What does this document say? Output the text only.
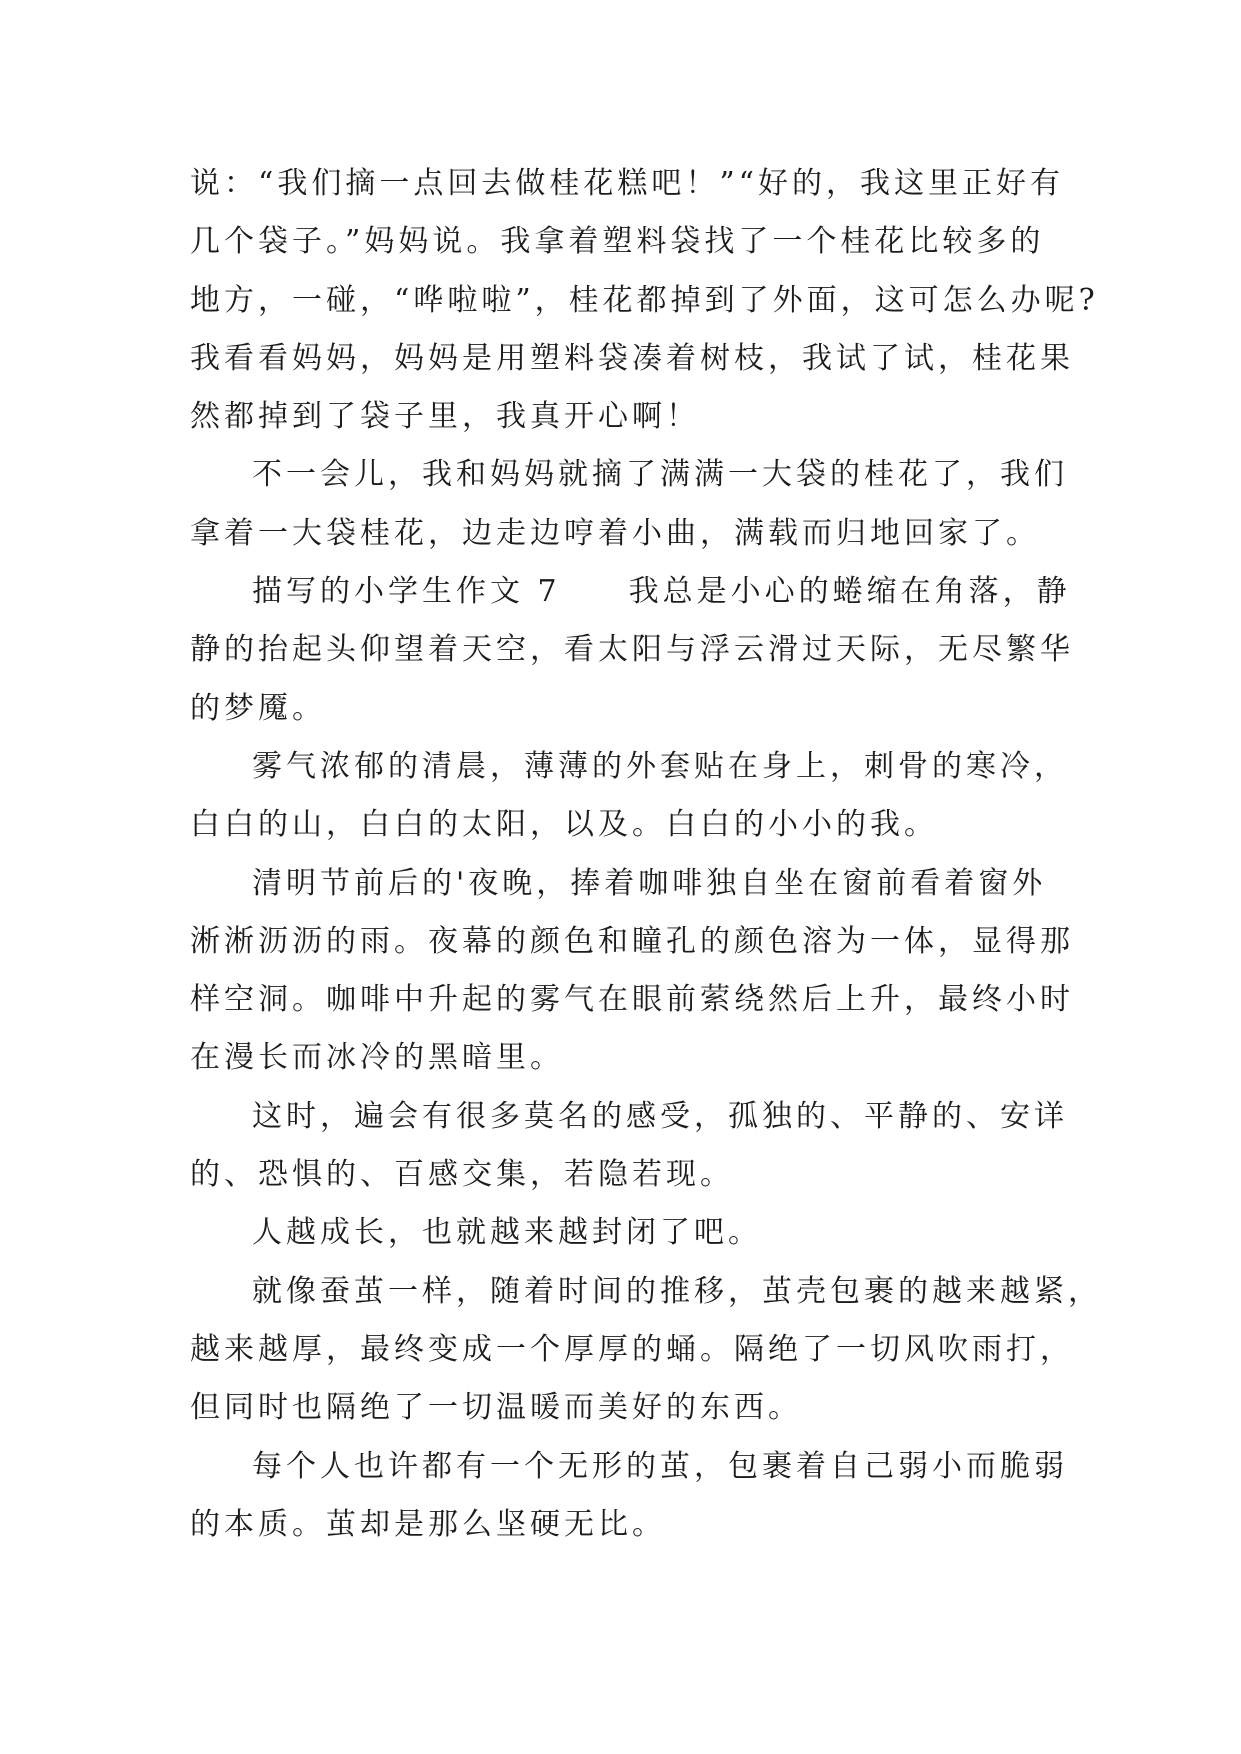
说：“我们摘一点回去做桂花糕吧！”“好的，我这里正好有
几个袋子。”妈妈说。我拿着塑料袋找了一个桂花比较多的
地方，一碰，“哗啦啦”，桂花都掉到了外面，这可怎么办呢?
我看看妈妈，妈妈是用塑料袋凑着树枝，我试了试，桂花果
然都掉到了袋子里，我真开心啊！
不一会儿，我和妈妈就摘了满满一大袋的桂花了，我们
拿着一大袋桂花，边走边哼着小曲，满载而归地回家了。
描写的小学生作文 7　　我总是小心的蜷缩在角落，静
静的抬起头仰望着天空，看太阳与浮云滑过天际，无尽繁华
的梦魇。
雾气浓郁的清晨，薄薄的外套贴在身上，刺骨的寒冷，
白白的山，白白的太阳，以及。白白的小小的我。
清明节前后的'夜晚，捧着咖啡独自坐在窗前看着窗外
淅淅沥沥的雨。夜幕的颜色和瞳孔的颜色溶为一体，显得那
样空洞。咖啡中升起的雾气在眼前萦绕然后上升，最终小时
在漫长而冰冷的黑暗里。
这时，遍会有很多莫名的感受，孤独的、平静的、安详
的、恐惧的、百感交集，若隐若现。
人越成长，也就越来越封闭了吧。
就像蚕茧一样，随着时间的推移，茧壳包裹的越来越紧，
越来越厚，最终变成一个厚厚的蛹。隔绝了一切风吹雨打，
但同时也隔绝了一切温暖而美好的东西。
每个人也许都有一个无形的茧，包裹着自己弱小而脆弱
的本质。茧却是那么坚硬无比。
